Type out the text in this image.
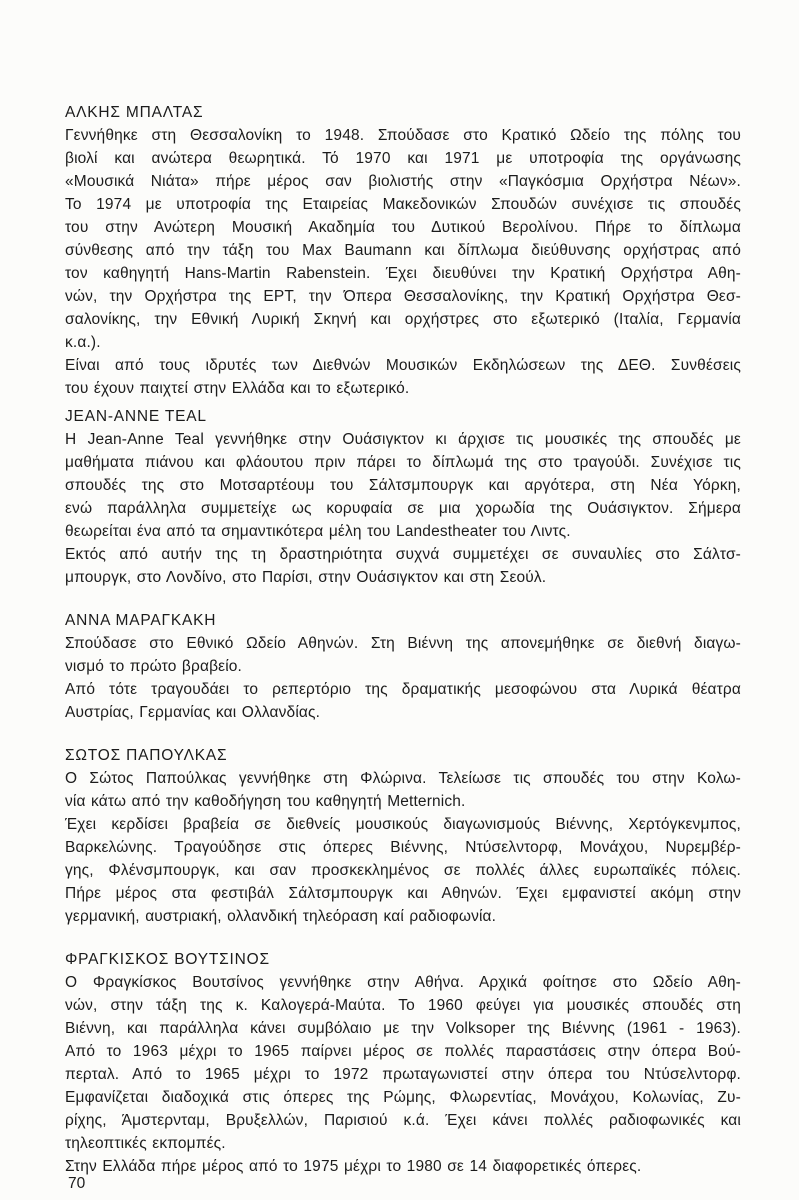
ΑΛΚΗΣ ΜΠΑΛΤΑΣ
Γεννήθηκε στη Θεσσαλονίκη το 1948. Σπούδασε στο Κρατικό Ωδείο της πόλης του
βιολί και ανώτερα θεωρητικά. Τό 1970 και 1971 με υποτροφία της οργάνωσης
«Μουσικά Νιάτα» πήρε μέρος σαν βιολιστής στην «Παγκόσμια Ορχήστρα Νέων».
Το 1974 με υποτροφία της Εταιρείας Μακεδονικών Σπουδών συνέχισε τις σπουδές
του στην Ανώτερη Μουσική Ακαδημία του Δυτικού Βερολίνου. Πήρε το δίπλωμα
σύνθεσης από την τάξη του Max Baumann και δίπλωμα διεύθυνσης ορχήστρας από
τον καθηγητή Hans-Martin Rabenstein. Έχει διευθύνει την Κρατική Ορχήστρα Αθη-
νών, την Ορχήστρα της ΕΡΤ, την Όπερα Θεσσαλονίκης, την Κρατική Ορχήστρα Θεσ-
σαλονίκης, την Εθνική Λυρική Σκηνή και ορχήστρες στο εξωτερικό (Ιταλία, Γερμανία
κ.α.).
Είναι από τους ιδρυτές των Διεθνών Μουσικών Εκδηλώσεων της ΔΕΘ. Συνθέσεις
του έχουν παιχτεί στην Ελλάδα και το εξωτερικό.
JEAN-ANNE TEAL
Η Jean-Anne Teal γεννήθηκε στην Ουάσιγκτον κι άρχισε τις μουσικές της σπουδές με
μαθήματα πιάνου και φλάουτου πριν πάρει το δίπλωμά της στο τραγούδι. Συνέχισε τις
σπουδές της στο Μοτσαρτέουμ του Σάλτσμπουργκ και αργότερα, στη Νέα Υόρκη,
ενώ παράλληλα συμμετείχε ως κορυφαία σε μια χορωδία της Ουάσιγκτον. Σήμερα
θεωρείται ένα από τα σημαντικότερα μέλη του Landestheater του Λιντς.
Εκτός από αυτήν της τη δραστηριότητα συχνά συμμετέχει σε συναυλίες στο Σάλτσ-
μπουργκ, στο Λονδίνο, στο Παρίσι, στην Ουάσιγκτον και στη Σεούλ.
ΑΝΝΑ ΜΑΡΑΓΚΑΚΗ
Σπούδασε στο Εθνικό Ωδείο Αθηνών. Στη Βιέννη της απονεμήθηκε σε διεθνή διαγω-
νισμό το πρώτο βραβείο.
Από τότε τραγουδάει το ρεπερτόριο της δραματικής μεσοφώνου στα Λυρικά θέατρα
Αυστρίας, Γερμανίας και Ολλανδίας.
ΣΩΤΟΣ ΠΑΠΟΥΛΚΑΣ
Ο Σώτος Παπούλκας γεννήθηκε στη Φλώρινα. Τελείωσε τις σπουδές του στην Κολω-
νία κάτω από την καθοδήγηση του καθηγητή Metternich.
Έχει κερδίσει βραβεία σε διεθνείς μουσικούς διαγωνισμούς Βιέννης, Χερτόγκενμπος,
Βαρκελώνης. Τραγούδησε στις όπερες Βιέννης, Ντύσελντορφ, Μονάχου, Νυρεμβέρ-
γης, Φλένσμπουργκ, και σαν προσκεκλημένος σε πολλές άλλες ευρωπαϊκές πόλεις.
Πήρε μέρος στα φεστιβάλ Σάλτσμπουργκ και Αθηνών. Έχει εμφανιστεί ακόμη στην
γερμανική, αυστριακή, ολλανδική τηλεόραση καί ραδιοφωνία.
ΦΡΑΓΚΙΣΚΟΣ ΒΟΥΤΣΙΝΟΣ
Ο Φραγκίσκος Βουτσίνος γεννήθηκε στην Αθήνα. Αρχικά φοίτησε στο Ωδείο Αθη-
νών, στην τάξη της κ. Καλογερά-Μαύτα. Το 1960 φεύγει για μουσικές σπουδές στη
Βιέννη, και παράλληλα κάνει συμβόλαιο με την Volksoper της Βιέννης (1961 - 1963).
Από το 1963 μέχρι το 1965 παίρνει μέρος σε πολλές παραστάσεις στην όπερα Βού-
περταλ. Από το 1965 μέχρι το 1972 πρωταγωνιστεί στην όπερα του Ντύσελντορφ.
Εμφανίζεται διαδοχικά στις όπερες της Ρώμης, Φλωρεντίας, Μονάχου, Κολωνίας, Ζυ-
ρίχης, Άμστερνταμ, Βρυξελλών, Παρισιού κ.ά. Έχει κάνει πολλές ραδιοφωνικές και
τηλεοπτικές εκπομπές.
Στην Ελλάδα πήρε μέρος από το 1975 μέχρι το 1980 σε 14 διαφορετικές όπερες.
70
